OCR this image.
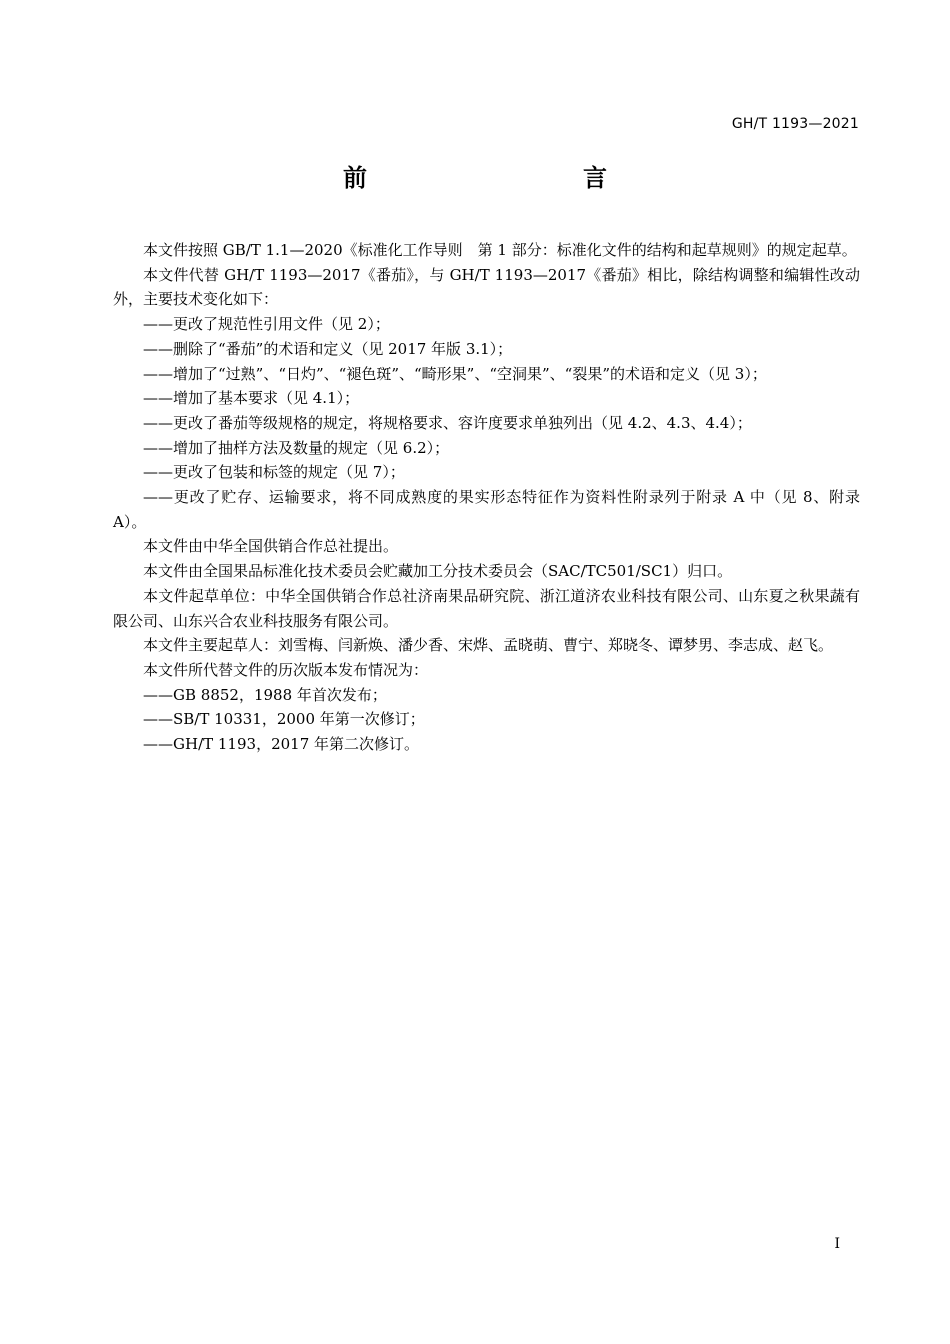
GH/T 1193—2021
前　　言

本文件按照 GB/T 1.1—2020《标准化工作导则　第 1 部分：标准化文件的结构和起草规则》的规定起草。

本文件代替 GH/T 1193—2017《番茄》，与 GH/T 1193—2017《番茄》相比，除结构调整和编辑性改动外，主要技术变化如下：

——更改了规范性引用文件（见 2）；

——删除了“番茄”的术语和定义（见 2017 年版 3.1）；

——增加了“过熟”、“日灼”、“褪色斑”、“畸形果”、“空洞果”、“裂果”的术语和定义（见 3）；

——增加了基本要求（见 4.1）；

——更改了番茄等级规格的规定，将规格要求、容许度要求单独列出（见 4.2、4.3、4.4）；

——增加了抽样方法及数量的规定（见 6.2）；

——更改了包装和标签的规定（见 7）；

——更改了贮存、运输要求，将不同成熟度的果实形态特征作为资料性附录列于附录 A 中（见 8、附录 A）。

本文件由中华全国供销合作总社提出。

本文件由全国果品标准化技术委员会贮藏加工分技术委员会（SAC/TC501/SC1）归口。

本文件起草单位：中华全国供销合作总社济南果品研究院、浙江道济农业科技有限公司、山东夏之秋果蔬有限公司、山东兴合农业科技服务有限公司。

本文件主要起草人：刘雪梅、闫新焕、潘少香、宋烨、孟晓萌、曹宁、郑晓冬、谭梦男、李志成、赵飞。

本文件所代替文件的历次版本发布情况为：

——GB 8852，1988 年首次发布；

——SB/T 10331，2000 年第一次修订；

——GH/T 1193，2017 年第二次修订。

I
